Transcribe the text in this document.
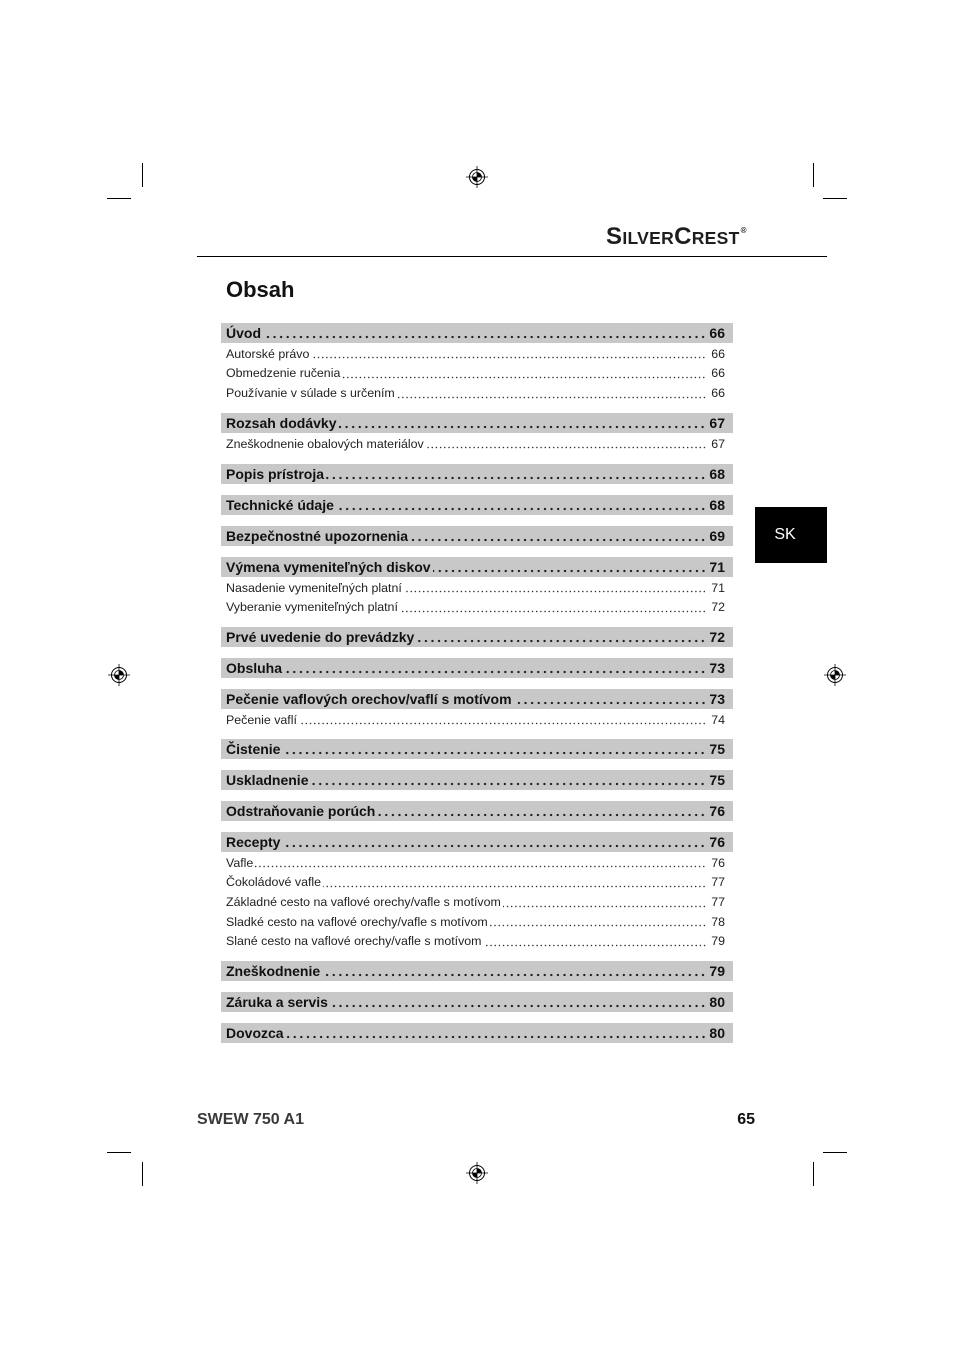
SILVERCREST®
Obsah
Úvod	66
Autorské právo	66
Obmedzenie ručenia	66
Používanie v súlade s určením	66
Rozsah dodávky	67
Zneškodnenie obalových materiálov	67
Popis prístroja	68
Technické údaje	68
Bezpečnostné upozornenia	69
Výmena vymeniteľných diskov	71
Nasadenie vymeniteľných platní	71
Vyberanie vymeniteľných platní	72
Prvé uvedenie do prevádzky	72
Obsluha	73
Pečenie vaflových orechov/vaflí s motívom	73
Pečenie vaflí	74
Čistenie	75
Uskladnenie	75
Odstraňovanie porúch	76
Recepty	76
Vafle	76
Čokoládové vafle	77
Základné cesto na vaflové orechy/vafle s motívom	77
Sladké cesto na vaflové orechy/vafle s motívom	78
Slané cesto na vaflové orechy/vafle s motívom	79
Zneškodnenie	79
Záruka a servis	80
Dovozca	80
SK
SWEW 750 A1	65
